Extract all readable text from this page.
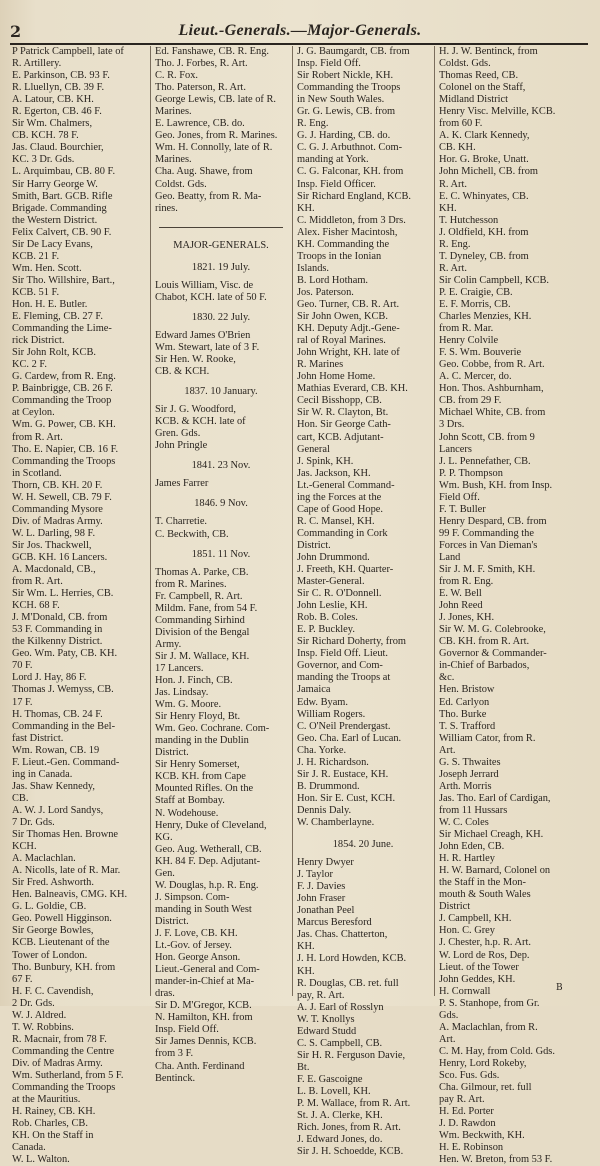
2	Lieut.-Generals.—Major-Generals.
P Patrick Campbell, late of
R. Artillery.
E. Parkinson, CB. 93 F.
R. Lluellyn, CB. 39 F.
A. Latour, CB. KH.
R. Egerton, CB. 46 F.
Sir Wm. Chalmers,
CB. KCH. 78 F.
Jas. Claud. Bourchier,
KC. 3 Dr. Gds.
L. Arquimbau, CB. 80 F.
Sir Harry George W.
Smith, Bart. GCB. Rifle
Brigade. Commanding
the Western District.
Felix Calvert, CB. 90 F.
Sir De Lacy Evans,
KCB. 21 F.
Wm. Hen. Scott.
Sir Tho. Willshire, Bart.,
KCB. 51 F.
Hon. H. E. Butler.
E. Fleming, CB. 27 F.
Commanding the Lime-
rick District.
Sir John Rolt, KCB.
KC. 2 F.
G. Cardew, from R. Eng.
P. Bainbrigge, CB. 26 F.
Commanding the Troop
at Ceylon.
Wm. G. Power, CB. KH.
from R. Art.
Tho. E. Napier, CB. 16 F.
Commanding the Troops
in Scotland.
Thorn, CB. KH. 20 F.
W. H. Sewell, CB. 79 F.
Commanding Mysore
Div. of Madras Army.
W. L. Darling, 98 F.
Sir Jos. Thackwell,
GCB. KH. 16 Lancers.
A. Macdonald, CB.,
from R. Art.
Sir Wm. L. Herries, CB.
KCH. 68 F.
J. M'Donald, CB. from
53 F. Commanding in
the Kilkenny District.
Geo. Wm. Paty, CB. KH.
70 F.
Lord J. Hay, 86 F.
Thomas J. Wemyss, CB.
17 F.
H. Thomas, CB. 24 F.
Commanding in the Bel-
fast District.
Wm. Rowan, CB. 19
F. Lieut.-Gen. Command-
ing in Canada.
Jas. Shaw Kennedy,
CB.
A. W. J. Lord Sandys,
7 Dr. Gds.
Sir Thomas Hen. Browne
KCH.
A. Maclachlan.
A. Nicolls, late of R. Mar.
Sir Fred. Ashworth.
Hen. Balneavis, CMG. KH.
G. L. Goldie, CB.
Geo. Powell Higginson.
Sir George Bowles,
KCB. Lieutenant of the
Tower of London.
Tho. Bunbury, KH. from
67 F.
H. F. C. Cavendish,
2 Dr. Gds.
W. J. Aldred.
T. W. Robbins.
R. Macnair, from 78 F.
Commanding the Centre
Div. of Madras Army.
Wm. Sutherland, from 5 F.
Commanding the Troops
at the Mauritius.
H. Rainey, CB. KH.
Rob. Charles, CB.
KH. On the Staff in
Canada.
W. L. Walton.
Ed. Fanshawe, CB. R. Eng.
Tho. J. Forbes, R. Art.
C. R. Fox.
Tho. Paterson, R. Art.
George Lewis, CB. late of R.
Marines.
E. Lawrence, CB. do.
Geo. Jones, from R. Marines.
Wm. H. Connolly, late of R.
Marines.
Cha. Aug. Shawe, from
Coldst. Gds.
Geo. Beatty, from R. Ma-
rines.
MAJOR-GENERALS.
1821. 19 July.
Louis William, Visc. de
Chabot, KCH. late of 50 F.
1830. 22 July.
Edward James O'Brien
Wm. Stewart, late of 3 F.
Sir Hen. W. Rooke,
CB. & KCH.
1837. 10 January.
Sir J. G. Woodford,
KCB. & KCH. late of
Gren. Gds.
John Pringle
1841. 23 Nov.
James Farrer
1846. 9 Nov.
T. Charretie.
C. Beckwith, CB.
1851. 11 Nov.
Thomas A. Parke, CB.
from R. Marines.
Fr. Campbell, R. Art.
Mildm. Fane, from 54 F.
Commanding Sirhind
Division of the Bengal
Army.
Sir J. M. Wallace, KH.
17 Lancers.
Hon. J. Finch, CB.
Jas. Lindsay.
Wm. G. Moore.
Sir Henry Floyd, Bt.
Wm. Geo. Cochrane. Com-
manding in the Dublin
District.
Sir Henry Somerset,
KCB. KH. from Cape
Mounted Rifles. On the
Staff at Bombay.
N. Wodehouse.
Henry, Duke of Cleveland,
KG.
Geo. Aug. Wetherall, CB.
KH. 84 F. Dep. Adjutant-
Gen.
W. Douglas, h.p. R. Eng.
J. Simpson. Com-
manding in South West
District.
J. F. Love, CB. KH.
Lt.-Gov. of Jersey.
Hon. George Anson.
Lieut.-General and Com-
mander-in-Chief at Ma-
dras.
Sir D. M'Gregor, KCB.
N. Hamilton, KH. from
Insp. Field Off.
Sir James Dennis, KCB.
from 3 F.
Cha. Anth. Ferdinand
Bentinck.
J. G. Baumgardt, CB. from
Insp. Field Off.
Sir Robert Nickle, KH.
Commanding the Troops
in New South Wales.
Gr. G. Lewis, CB. from
R. Eng.
G. J. Harding, CB. do.
C. G. J. Arbuthnot. Com-
manding at York.
C. G. Falconar, KH. from
Insp. Field Officer.
Sir Richard England, KCB.
KH.
C. Middleton, from 3 Drs.
Alex. Fisher Macintosh,
KH. Commanding the
Troops in the Ionian
Islands.
B. Lord Hotham.
Jos. Paterson.
Geo. Turner, CB. R. Art.
Sir John Owen, KCB.
KH. Deputy Adjt.-Gene-
ral of Royal Marines.
John Wright, KH. late of
R. Marines
John Home Home.
Mathias Everard, CB. KH.
Cecil Bisshopp, CB.
Sir W. R. Clayton, Bt.
Hon. Sir George Cath-
cart, KCB. Adjutant-
General
J. Spink, KH.
Jas. Jackson, KH.
Lt.-General Command-
ing the Forces at the
Cape of Good Hope.
R. C. Mansel, KH.
Commanding in Cork
District.
John Drummond.
J. Freeth, KH. Quarter-
Master-General.
Sir C. R. O'Donnell.
John Leslie, KH.
Rob. B. Coles.
E. P. Buckley.
Sir Richard Doherty, from
Insp. Field Off. Lieut.
Governor, and Com-
manding the Troops at
Jamaica
Edw. Byam.
William Rogers.
C. O'Neil Prendergast.
Geo. Cha. Earl of Lucan.
Cha. Yorke.
J. H. Richardson.
Sir J. R. Eustace, KH.
B. Drummond.
Hon. Sir E. Cust, KCH.
Dennis Daly.
W. Chamberlayne.
1854. 20 June.
Henry Dwyer
J. Taylor
F. J. Davies
John Fraser
Jonathan Peel
Marcus Beresford
Jas. Chas. Chatterton,
KH.
J. H. Lord Howden, KCB.
KH.
R. Douglas, CB. ret. full
pay, R. Art.
A. J. Earl of Rosslyn
W. T. Knollys
Edward Studd
C. S. Campbell, CB.
Sir H. R. Ferguson Davie,
Bt.
F. E. Gascoigne
L. B. Lovell, KH.
P. M. Wallace, from R. Art.
St. J. A. Clerke, KH.
Rich. Jones, from R. Art.
J. Edward Jones, do.
Sir J. H. Schoedde, KCB.
H. J. W. Bentinck, from
Coldst. Gds.
Thomas Reed, CB.
Colonel on the Staff,
Midland District
Henry Visc. Melville, KCB.
from 60 F.
A. K. Clark Kennedy,
CB. KH.
Hor. G. Broke, Unatt.
John Michell, CB. from
R. Art.
E. C. Whinyates, CB.
KH.
T. Hutchesson
J. Oldfield, KH. from
R. Eng.
T. Dyneley, CB. from
R. Art.
Sir Colin Campbell, KCB.
P. E. Craigie, CB.
E. F. Morris, CB.
Charles Menzies, KH.
from R. Mar.
Henry Colvile
F. S. Wm. Bouverie
Geo. Cobbe, from R. Art.
A. C. Mercer, do.
Hon. Thos. Ashburnham,
CB. from 29 F.
Michael White, CB. from
3 Drs.
John Scott, CB. from 9
Lancers
J. L. Pennefather, CB.
P. P. Thompson
Wm. Bush, KH. from Insp.
Field Off.
F. T. Buller
Henry Despard, CB. from
99 F. Commanding the
Forces in Van Dieman's
Land
Sir J. M. F. Smith, KH.
from R. Eng.
E. W. Bell
John Reed
J. Jones, KH.
Sir W. M. G. Colebrooke,
CB. KH. from R. Art.
Governor & Commander-
in-Chief of Barbados,
&c.
Hen. Bristow
Ed. Carlyon
Tho. Burke
T. S. Trafford
William Cator, from R.
Art.
G. S. Thwaites
Joseph Jerrard
Arth. Morris
Jas. Tho. Earl of Cardigan,
from 11 Hussars
W. C. Coles
Sir Michael Creagh, KH.
John Eden, CB.
H. R. Hartley
H. W. Barnard, Colonel on
the Staff in the Mon-
mouth & South Wales
District
J. Campbell, KH.
Hon. C. Grey
J. Chester, h.p. R. Art.
W. Lord de Ros, Dep.
Lieut. of the Tower
John Geddes, KH.
H. Cornwall
P. S. Stanhope, from Gr.
Gds.
A. Maclachlan, from R.
Art.
C. M. Hay, from Cold. Gds.
Henry, Lord Rokeby,
Sco. Fus. Gds.
Cha. Gilmour, ret. full
pay R. Art.
H. Ed. Porter
J. D. Rawdon
Wm. Beckwith, KH.
H. E. Robinson
Hen. W. Breton, from 53 F.
B
